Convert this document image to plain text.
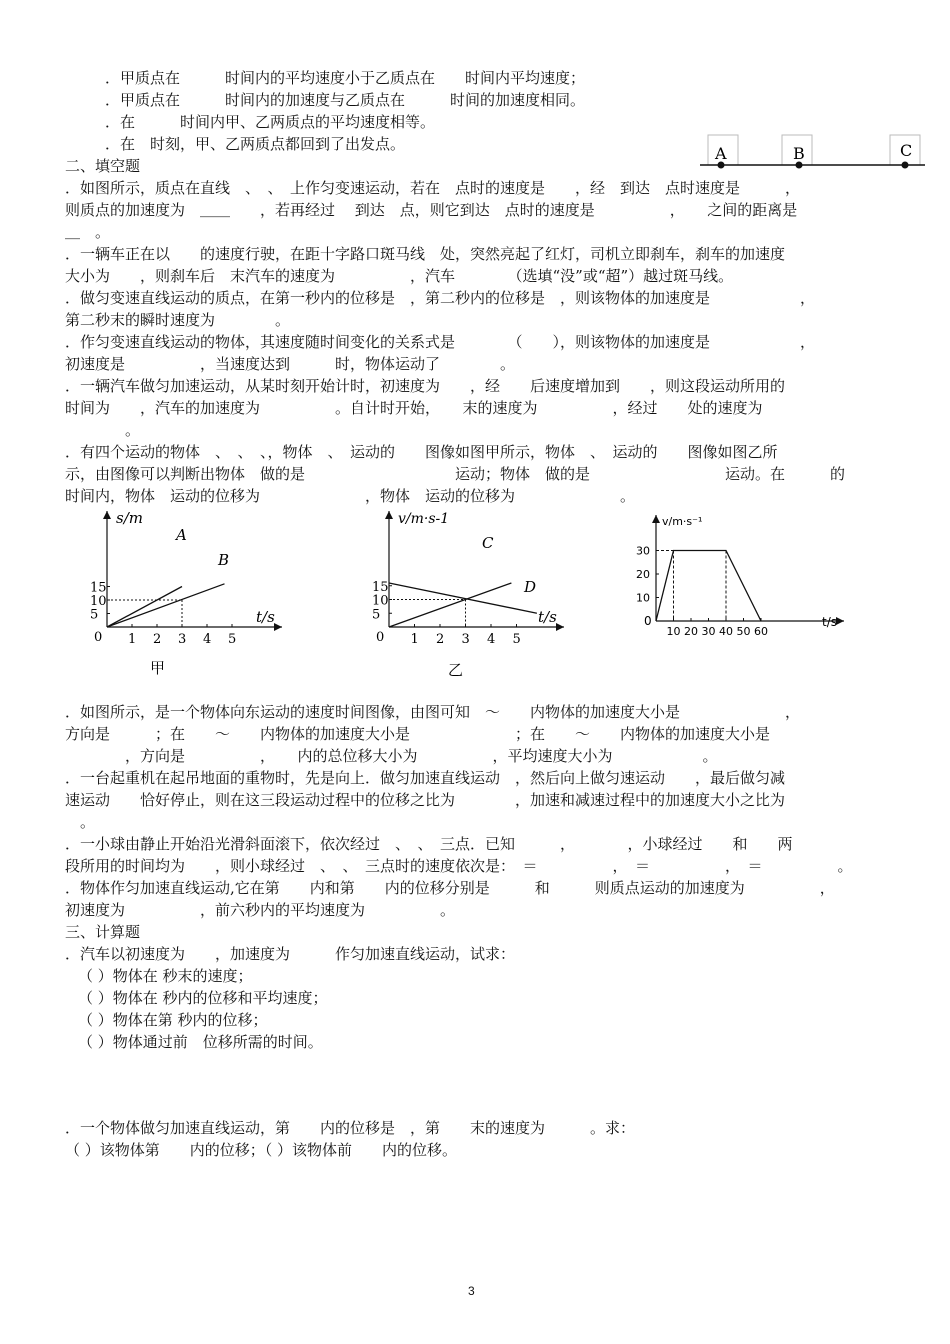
．甲质点在　　　时间内的平均速度小于乙质点在　　时间内平均速度；
．甲质点在　　　时间内的加速度与乙质点在　　　时间的加速度相同。
．在　　　时间内甲、乙两质点的平均速度相等。
．在　时刻，甲、乙两质点都回到了出发点。
二、填空题
．如图所示，质点在直线　、　、　上作匀变速运动，若在　点时的速度是　　，经　到达　点时速度是　　　，
则质点的加速度为　＿＿　　，若再经过　 到达　点，则它到达　点时的速度是　　　　　，　　之间的距离是
＿　。
．一辆车正在以　　的速度行驶，在距十字路口斑马线　处，突然亮起了红灯，司机立即刹车，刹车的加速度
大小为　　，则刹车后　末汽车的速度为　　　　　，汽车　　　　（选填“没”或“超”）越过斑马线。
．做匀变速直线运动的质点，在第一秒内的位移是　，第二秒内的位移是　，则该物体的加速度是　　　　　　，
第二秒末的瞬时速度为　　　　。
．作匀变速直线运动的物体，其速度随时间变化的关系式是　　　　（　　），则该物体的加速度是　　　　　　，
初速度是　　　　　，当速度达到　　　时，物体运动了　　　　。
．一辆汽车做匀加速运动，从某时刻开始计时，初速度为　　，经　　后速度增加到　　，则这段运动所用的
时间为　　，汽车的加速度为　　　　　。自计时开始，　　末的速度为　　　　　，经过　　处的速度为
　　　　。
．有四个运动的物体　、　、　、，物体　、　运动的　　图像如图甲所示，物体　、　运动的　　图像如图乙所
示，由图像可以判断出物体　做的是　　　　　　　　　　运动；物体　做的是　　　　　　　　　运动。在　　　的
时间内，物体　运动的位移为　　　　　　　，物体　运动的位移为　　　　　　　。
．如图所示，是一个物体向东运动的速度时间图像，由图可知　～　　内物体的加速度大小是　　　　　　　，
方向是　　　；在　　～　　内物体的加速度大小是　　　　　　　；在　　～　　内物体的加速度大小是
　　　　，方向是　　　　　，　　内的总位移大小为　　　　　，平均速度大小为　　　　　　。
．一台起重机在起吊地面的重物时，先是向上．做匀加速直线运动　，然后向上做匀速运动　　，最后做匀减
速运动　　恰好停止，则在这三段运动过程中的位移之比为　　　　，加速和减速过程中的加速度大小之比为
　。
．一小球由静止开始沿光滑斜面滚下，依次经过　、　、　三点．已知　　　，　　　　，小球经过　　和　　两
段所用的时间均为　　，则小球经过　、　、　三点时的速度依次是：　＝　　　　　，　＝　　　　　，　＝　　　　　。
．物体作匀加速直线运动,它在第　　内和第　　内的位移分别是　　　和　　　则质点运动的加速度为　　　　　，
初速度为　　　　　，前六秒内的平均速度为　　　　　。
三、计算题
．汽车以初速度为　　，加速度为　　　作匀加速直线运动，试求：
（ ）物体在 秒末的速度；
（ ）物体在 秒内的位移和平均速度；
（ ）物体在第 秒内的位移；
（ ）物体通过前　位移所需的时间。
．一个物体做匀加速直线运动，第　　内的位移是　，第　　末的速度为　　　。求：
（ ）该物体第　　内的位移；（ ）该物体前　　内的位移。
A	B	C
s/m
t/s
0 1 2 3 4 5
5
10
15
A
B
甲
v/m·s-1
t/s
0 1 2 3 4 5
5
10
15
C
D
乙
v/m·s⁻¹
t/s
0
10 20 30 40 50 60
10
20
30
3
